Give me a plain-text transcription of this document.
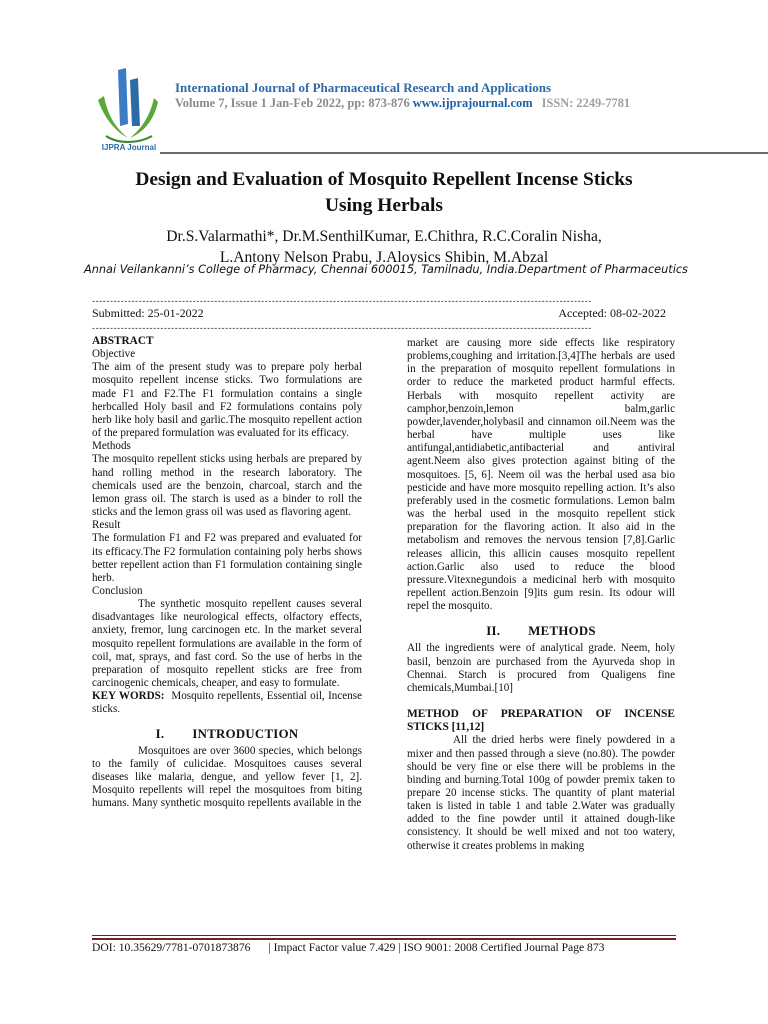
IJPRA Journal
International Journal of Pharmaceutical Research and Applications
Volume 7, Issue 1 Jan-Feb 2022, pp: 873-876 www.ijprajournal.com ISSN: 2249-7781
Design and Evaluation of Mosquito Repellent Incense Sticks
Using Herbals
Dr.S.Valarmathi*, Dr.M.SenthilKumar, E.Chithra, R.C.Coralin Nisha,
L.Antony Nelson Prabu, J.Aloysics Shibin, M.Abzal
Annai Veilankanni’s College of Pharmacy, Chennai 600015, Tamilnadu, India.Department of Pharmaceutics
-------------------------------------------------------------------------------------------------------------------------------------------
Submitted: 25-01-2022	Accepted: 08-02-2022
-------------------------------------------------------------------------------------------------------------------------------------------

ABSTRACT

Objective

The aim of the present study was to prepare poly herbal mosquito repellent incense sticks. Two formulations are made F1 and F2.The F1 formulation contains a single herbcalled Holy basil and F2 formulations contains poly herb like holy basil and garlic.The mosquito repellent action of the prepared formulation was evaluated for its efficacy.

Methods

The mosquito repellent sticks using herbals are prepared by hand rolling method in the research laboratory. The chemicals used are the benzoin, charcoal, starch and the lemon grass oil. The starch is used as a binder to roll the sticks and the lemon grass oil was used as flavoring agent.

Result

The formulation F1 and F2 was prepared and evaluated for its efficacy.The F2 formulation containing poly herbs shows better repellent action than F1 formulation containing single herb.

Conclusion

The synthetic mosquito repellent causes several disadvantages like neurological effects, olfactory effects, anxiety, fremor, lung carcinogen etc. In the market several mosquito repellent formulations are available in the form of coil, mat, sprays, and fast cord. So the use of herbs in the preparation of mosquito repellent sticks are free from carcinogenic chemicals, cheaper, and easy to formulate.

KEY WORDS: Mosquito repellents, Essential oil, Incense sticks.

I. INTRODUCTION

Mosquitoes are over 3600 species, which belongs to the family of culicidae. Mosquitoes causes several diseases like malaria, dengue, and yellow fever [1, 2]. Mosquito repellents will repel the mosquitoes from biting humans. Many synthetic mosquito repellents available in the

market are causing more side effects like respiratory problems,coughing and irritation.[3,4]The herbals are used in the preparation of mosquito repellent formulations in order to reduce the marketed product harmful effects. Herbals with mosquito repellent activity are camphor,benzoin,lemon balm,garlic powder,lavender,holybasil and cinnamon oil.Neem was the herbal have multiple uses like antifungal,antidiabetic,antibacterial and antiviral agent.Neem also gives protection against biting of the mosquitoes. [5, 6]. Neem oil was the herbal used asa bio pesticide and have more mosquito repelling action. It’s also preferably used in the cosmetic formulations. Lemon balm was the herbal used in the mosquito repellent stick preparation for the flavoring action. It also aid in the metabolism and removes the nervous tension [7,8].Garlic releases allicin, this allicin causes mosquito repellent action.Garlic also used to reduce the blood pressure.Vitexnegundois a medicinal herb with mosquito repellent action.Benzoin [9]its gum resin. Its odour will repel the mosquito.

II. METHODS

All the ingredients were of analytical grade. Neem, holy basil, benzoin are purchased from the Ayurveda shop in Chennai. Starch is procured from Qualigens fine chemicals,Mumbai.[10]

METHOD OF PREPARATION OF INCENSE STICKS [11,12]

All the dried herbs were finely powdered in a mixer and then passed through a sieve (no.80). The powder should be very fine or else there will be problems in the binding and burning.Total 100g of powder premix taken to prepare 20 incense sticks. The quantity of plant material taken is listed in table 1 and table 2.Water was gradually added to the fine powder until it attained dough-like consistency. It should be well mixed and not too watery, otherwise it creates problems in making

DOI: 10.35629/7781-0701873876 | Impact Factor value 7.429 | ISO 9001: 2008 Certified Journal Page 873
